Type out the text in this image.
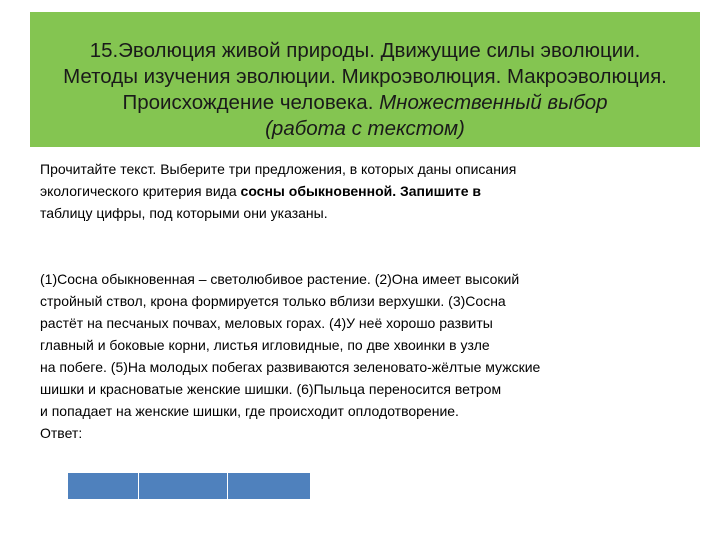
15.Эволюция живой природы. Движущие силы эволюции.
Методы изучения эволюции. Микроэволюция. Макроэволюция.
Происхождение человека. Множественный выбор
(работа с текстом)
Прочитайте текст. Выберите три предложения, в которых даны описания
экологического критерия вида сосны обыкновенной. Запишите в
таблицу цифры, под которыми они указаны.
(1)Сосна обыкновенная – светолюбивое растение. (2)Она имеет высокий
стройный ствол, крона формируется только вблизи верхушки. (3)Сосна
растёт на песчаных почвах, меловых горах. (4)У неё хорошо развиты
главный и боковые корни, листья игловидные, по две хвоинки в узле
на побеге. (5)На молодых побегах развиваются зеленовато-жёлтые мужские
шишки и красноватые женские шишки. (6)Пыльца переносится ветром
и попадает на женские шишки, где происходит оплодотворение.
Ответ:
